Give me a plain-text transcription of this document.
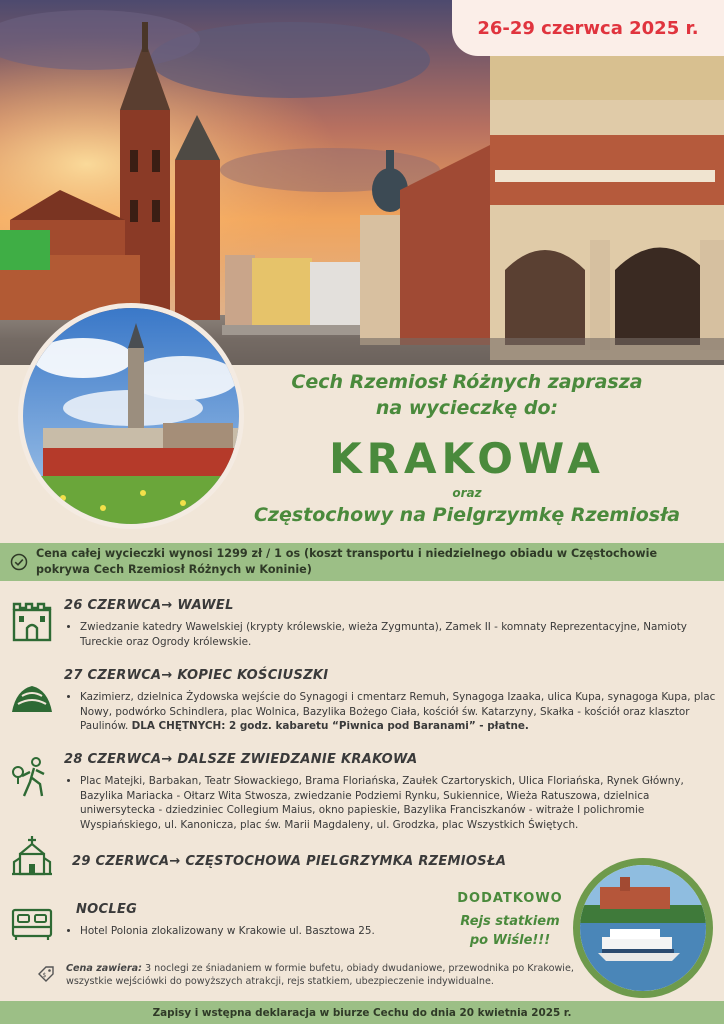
26-29 czerwca 2025 r.
Cech Rzemiosł Różnych zaprasza
na wycieczkę do:
KRAKOWA
oraz
Częstochowy na Pielgrzymkę Rzemiosła
Cena całej wycieczki wynosi 1299 zł / 1 os (koszt transportu i niedzielnego obiadu w Częstochowie
pokrywa Cech Rzemiosł Różnych w Koninie)
26 CZERWCA→ WAWEL
• Zwiedzanie katedry Wawelskiej (krypty królewskie, wieża Zygmunta), Zamek II - komnaty Reprezentacyjne, Namioty Tureckie oraz Ogrody królewskie.
27 CZERWCA→ KOPIEC KOŚCIUSZKI
• Kazimierz, dzielnica Żydowska wejście do Synagogi i cmentarz Remuh, Synagoga Izaaka, ulica Kupa, synagoga Kupa, plac Nowy, podwórko Schindlera, plac Wolnica, Bazylika Bożego Ciała, kościół św. Katarzyny, Skałka - kościół oraz klasztor Paulinów. DLA CHĘTNYCH: 2 godz. kabaretu “Piwnica pod Baranami” - płatne.
28 CZERWCA→ DALSZE ZWIEDZANIE KRAKOWA
• Plac Matejki, Barbakan, Teatr Słowackiego, Brama Floriańska, Zaułek Czartoryskich, Ulica Floriańska, Rynek Główny, Bazylika Mariacka - Ołtarz Wita Stwosza, zwiedzanie Podziemi Rynku, Sukiennice, Wieża Ratuszowa, dzielnica uniwersytecka - dziedziniec Collegium Maius, okno papieskie, Bazylika Franciszkanów - witraże I polichromie Wyspiańskiego, ul. Kanonicza, plac św. Marii Magdaleny, ul. Grodzka, plac Wszystkich Świętych.
29 CZERWCA→ CZĘSTOCHOWA PIELGRZYMKA RZEMIOSŁA
NOCLEG
• Hotel Polonia zlokalizowany w Krakowie ul. Basztowa 25.
DODATKOWO
Rejs statkiem
po Wiśle!!!
$
Cena zawiera: 3 noclegi ze śniadaniem w formie bufetu, obiady dwudaniowe, przewodnika po Krakowie, wszystkie wejściówki do powyższych atrakcji, rejs statkiem, ubezpieczenie indywidualne.
Zapisy i wstępna deklaracja w biurze Cechu do dnia 20 kwietnia 2025 r.
